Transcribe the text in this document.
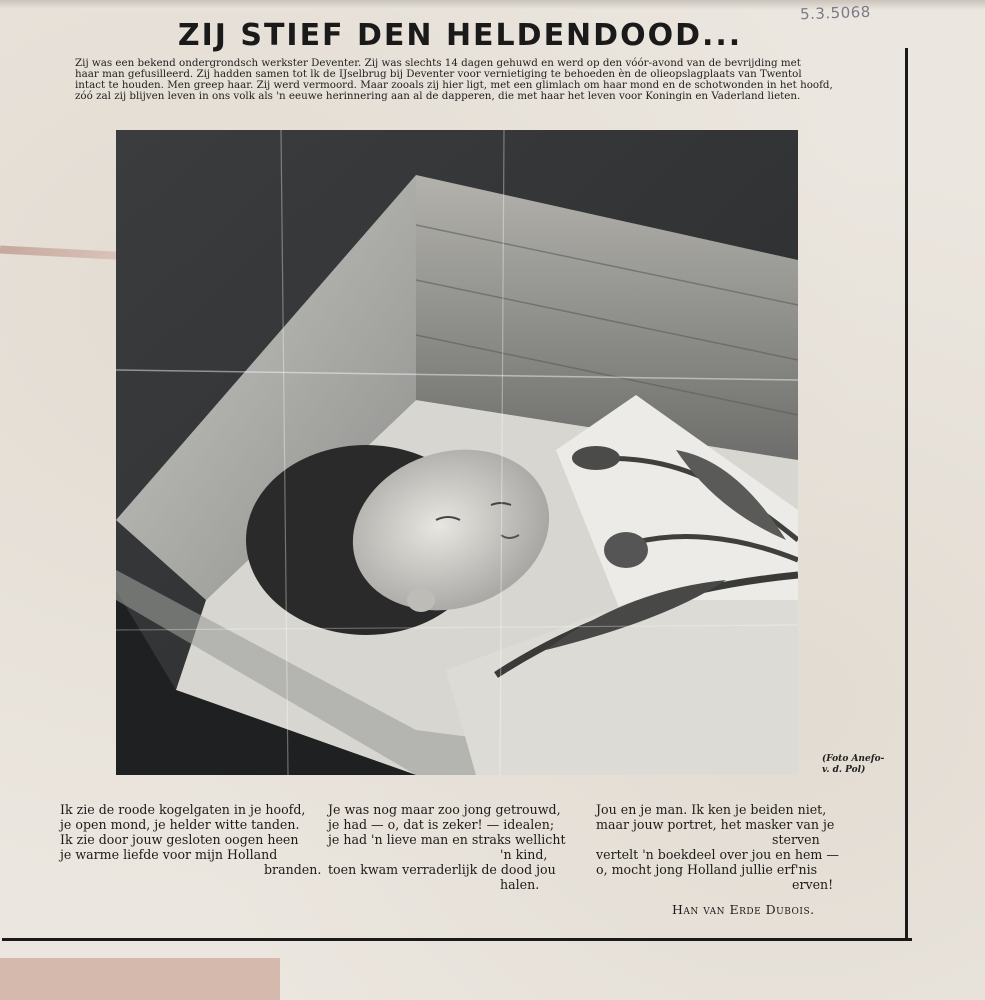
5.3.5068
ZIJ STIEF DEN HELDENDOOD...
Zij was een bekend ondergrondsch werkster Deventer. Zij was slechts 14 dagen gehuwd en werd op den vóór-avond van de bevrijding met
haar man gefusilleerd. Zij hadden samen tot lk de IJselbrug bij Deventer voor vernietiging te behoeden èn de olieopslagplaats van Twentol
intact te houden. Men greep haar. Zij werd vermoord. Maar zooals zij hier ligt, met een glimlach om haar mond en de schotwonden in het hoofd,
zóó zal zij blijven leven in ons volk als 'n eeuwe herinnering aan al de dapperen, die met haar het leven voor Koningin en Vaderland lieten.
(Foto Anefo-
v. d. Pol)
Ik zie de roode kogelgaten in je hoofd,
je open mond, je helder witte tanden.
Ik zie door jouw gesloten oogen heen
je warme liefde voor mijn Holland
branden.
Je was nog maar zoo jong getrouwd,
je had — o, dat is zeker! — idealen;
je had 'n lieve man en straks wellicht
'n kind,
toen kwam verraderlijk de dood jou
halen.
Jou en je man. Ik ken je beiden niet,
maar jouw portret, het masker van je
sterven
vertelt 'n boekdeel over jou en hem —
o, mocht jong Holland jullie erf'nis
erven!
Han van Erde Dubois.
